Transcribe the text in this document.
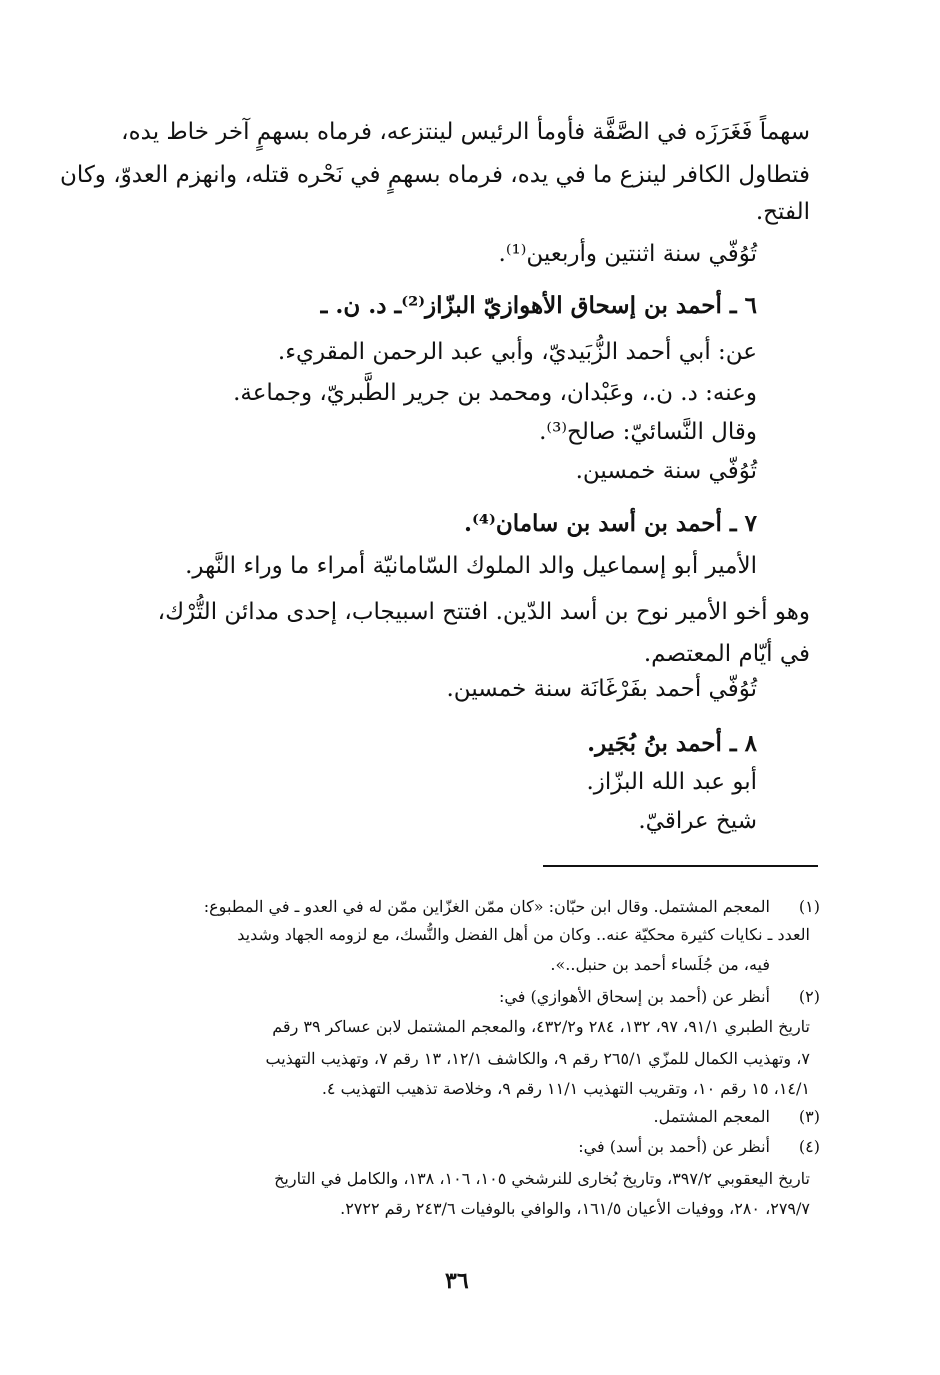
سهماً فَغَرَزَه في الصَّفَّة فأومأ الرئيس لينتزعه، فرماه بسهمٍ آخر خاط يده،

فتطاول الكافر لينزع ما في يده، فرماه بسهمٍ في نَحْره قتله، وانهزم العدوّ، وكان

الفتح.

تُوُفّي سنة اثنتين وأربعين⁽¹⁾.

٦ ـ أحمد بن إسحاق الأهوازيّ البزّاز⁽²⁾ـ د. ن. ـ

عن: أبي أحمد الزُّبَيديّ، وأبي عبد الرحمن المقريء.

وعنه: د. ن.، وعَبْدان، ومحمد بن جرير الطَّبريّ، وجماعة.

وقال النَّسائيّ: صالح⁽³⁾.

تُوُفّي سنة خمسين.

٧ ـ أحمد بن أسد بن سامان⁽⁴⁾.

الأمير أبو إسماعيل والد الملوك السّامانيّة أمراء ما وراء النَّهر.

وهو أخو الأمير نوح بن أسد الدّين. افتتح اسبيجاب، إحدى مدائن التُّرْك،

في أيّام المعتصم.

تُوُفّي أحمد بفَرْغَانَة سنة خمسين.

٨ ـ أحمد بنُ بُجَير.

أبو عبد الله البزّاز.

شيخ عراقيّ.

(١)

المعجم المشتمل. وقال ابن حبّان: «كان ممّن الغزّاين ممّن له في العدو ـ في المطبوع:

العدد ـ نكايات كثيرة محكيّة عنه.. وكان من أهل الفضل والنُّسك، مع لزومه الجهاد وشديد

فيه، من جُلَساء أحمد بن حنبل..».

(٢)

أنظر عن (أحمد بن إسحاق الأهوازي) في:

تاريخ الطبري ٩١/١، ٩٧، ١٣٢، ٢٨٤ و٤٣٢/٢، والمعجم المشتمل لابن عساكر ٣٩ رقم

٧، وتهذيب الكمال للمزّي ٢٦٥/١ رقم ٩، والكاشف ١٢/١، ١٣ رقم ٧، وتهذيب التهذيب

١٤/١، ١٥ رقم ١٠، وتقريب التهذيب ١١/١ رقم ٩، وخلاصة تذهيب التهذيب ٤.

(٣)

المعجم المشتمل.

(٤)

أنظر عن (أحمد بن أسد) في:

تاريخ اليعقوبي ٣٩٧/٢، وتاريخ بُخارى للنرشخي ١٠٥، ١٠٦، ١٣٨، والكامل في التاريخ

٢٧٩/٧، ٢٨٠، ووفيات الأعيان ١٦١/٥، والوافي بالوفيات ٢٤٣/٦ رقم ٢٧٢٢.

٣٦
